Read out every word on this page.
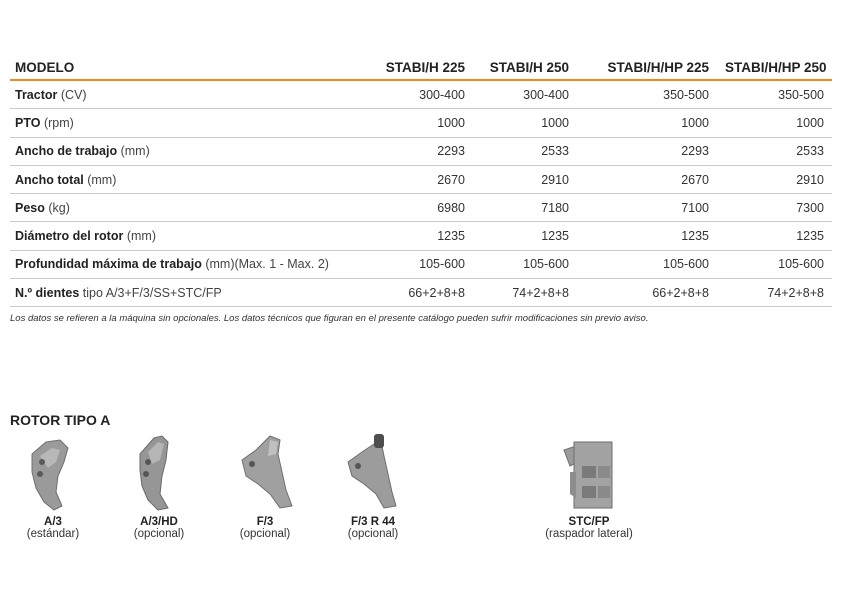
MODELO	STABI/H 225	STABI/H 250	STABI/H/HP 225	STABI/H/HP 250
Tractor (CV)	300-400	300-400	350-500	350-500
PTO (rpm)	1000	1000	1000	1000
Ancho de trabajo (mm)	2293	2533	2293	2533
Ancho total (mm)	2670	2910	2670	2910
Peso (kg)	6980	7180	7100	7300
Diámetro del rotor (mm)	1235	1235	1235	1235
Profundidad máxima de trabajo (mm)(Max. 1 - Max. 2)	105-600	105-600	105-600	105-600
N.º dientes tipo A/3+F/3/SS+STC/FP	66+2+8+8	74+2+8+8	66+2+8+8	74+2+8+8
Los datos se refieren a la máquina sin opcionales. Los datos técnicos que figuran en el presente catálogo pueden sufrir modificaciones sin previo aviso.
ROTOR TIPO A
A/3
(estándar)
A/3/HD
(opcional)
F/3
(opcional)
F/3 R 44
(opcional)
STC/FP
(raspador lateral)
